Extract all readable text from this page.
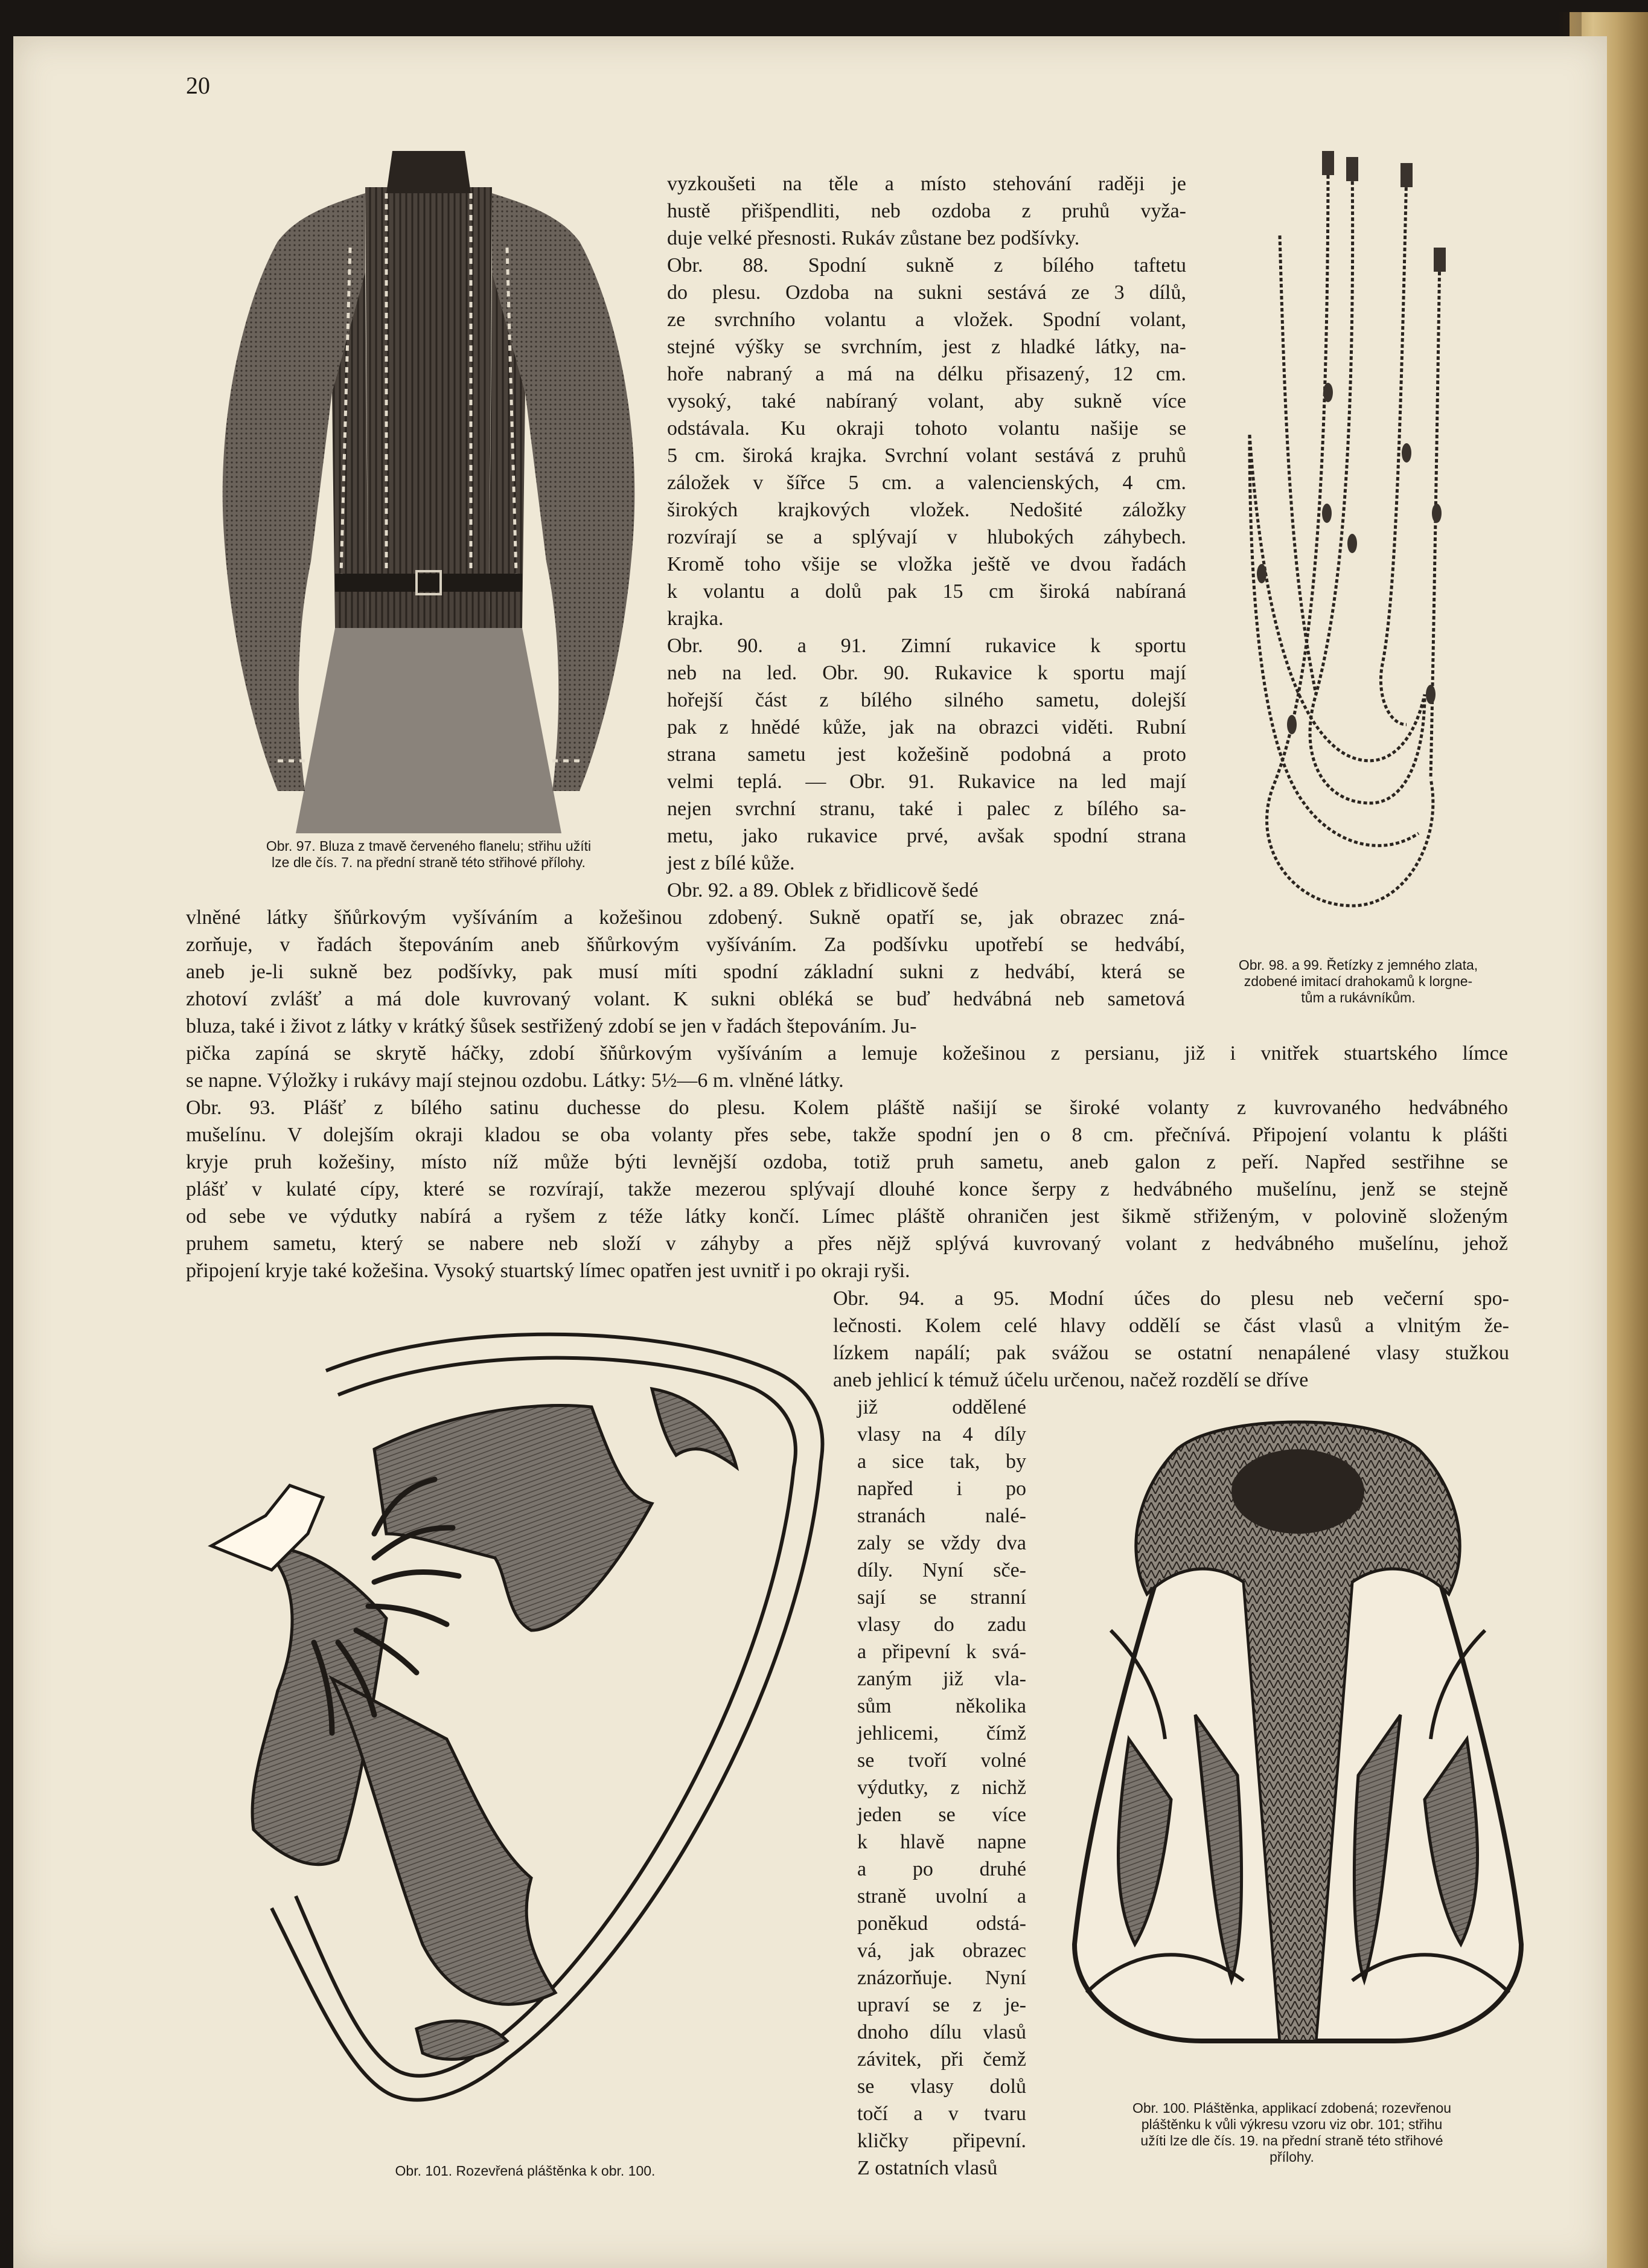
20
Obr. 97. Bluza z tmavě červeného flanelu; střihu užíti
lze dle čís. 7. na přední straně této střihové přílohy.
Obr. 98. a 99. Řetízky z jemného zlata,
zdobené imitací drahokamů k lorgne-
tům a rukávníkům.
vyzkoušeti na těle a místo stehování raději je
hustě přišpendliti, neb ozdoba z pruhů vyža-
duje velké přesnosti. Rukáv zůstane bez podšívky.
Obr. 88. Spodní sukně z bílého taftetu
do plesu. Ozdoba na sukni sestává ze 3 dílů,
ze svrchního volantu a vložek. Spodní volant,
stejné výšky se svrchním, jest z hladké látky, na-
hoře nabraný a má na délku přisazený, 12 cm.
vysoký, také nabíraný volant, aby sukně více
odstávala. Ku okraji tohoto volantu našije se
5 cm. široká krajka. Svrchní volant sestává z pruhů
záložek v šířce 5 cm. a valencienských, 4 cm.
širokých krajkových vložek. Nedošité záložky
rozvírají se a splývají v hlubokých záhybech.
Kromě toho všije se vložka ještě ve dvou řadách
k volantu a dolů pak 15 cm široká nabíraná
krajka.
Obr. 90. a 91. Zimní rukavice k sportu
neb na led. Obr. 90. Rukavice k sportu mají
hořejší část z bílého silného sametu, dolejší
pak z hnědé kůže, jak na obrazci viděti. Rubní
strana sametu jest kožešině podobná a proto
velmi teplá. — Obr. 91. Rukavice na led mají
nejen svrchní stranu, také i palec z bílého sa-
metu, jako rukavice prvé, avšak spodní strana
jest z bílé kůže.
Obr. 92. a 89. Oblek z břidlicově šedé
vlněné látky šňůrkovým vyšíváním a kožešinou zdobený. Sukně opatří se, jak obrazec zná-
zorňuje, v řadách štepováním aneb šňůrkovým vyšíváním. Za podšívku upotřebí se hedvábí,
aneb je-li sukně bez podšívky, pak musí míti spodní základní sukni z hedvábí, která se
zhotoví zvlášť a má dole kuvrovaný volant. K sukni obléká se buď hedvábná neb sametová
bluza, také i život z látky v krátký šůsek sestřižený zdobí se jen v řadách štepováním. Ju-
pička zapíná se skrytě háčky, zdobí šňůrkovým vyšíváním a lemuje kožešinou z persianu, již i vnitřek stuartského límce
se napne. Výložky i rukávy mají stejnou ozdobu. Látky: 5½—6 m. vlněné látky.
Obr. 93. Plášť z bílého satinu duchesse do plesu. Kolem pláště našijí se široké volanty z kuvrovaného hedvábného
mušelínu. V dolejším okraji kladou se oba volanty přes sebe, takže spodní jen o 8 cm. přečnívá. Připojení volantu k plášti
kryje pruh kožešiny, místo níž může býti levnější ozdoba, totiž pruh sametu, aneb galon z peří. Napřed sestřihne se
plášť v kulaté cípy, které se rozvírají, takže mezerou splývají dlouhé konce šerpy z hedvábného mušelínu, jenž se stejně
od sebe ve výdutky nabírá a ryšem z téže látky končí. Límec pláště ohraničen jest šikmě střiženým, v polovině složeným
pruhem sametu, který se nabere neb složí v záhyby a přes nějž splývá kuvrovaný volant z hedvábného mušelínu, jehož
připojení kryje také kožešina. Vysoký stuartský límec opatřen jest uvnitř i po okraji ryši.
Obr. 94. a 95. Modní účes do plesu neb večerní spo-
lečnosti. Kolem celé hlavy oddělí se část vlasů a vlnitým že-
lízkem napálí; pak svážou se ostatní nenapálené vlasy stužkou
aneb jehlicí k témuž účelu určenou, načež rozdělí se dříve
již oddělené
vlasy na 4 díly
a sice tak, by
napřed i po
stranách nalé-
zaly se vždy dva
díly. Nyní sče-
sají se stranní
vlasy do zadu
a připevní k svá-
zaným již vla-
sům několika
jehlicemi, čímž
se tvoří volné
výdutky, z nichž
jeden se více
k hlavě napne
a po druhé
straně uvolní a
poněkud odstá-
vá, jak obrazec
znázorňuje. Nyní
upraví se z je-
dnoho dílu vlasů
závitek, při čemž
se vlasy dolů
točí a v tvaru
kličky připevní.
Z ostatních vlasů
Obr. 101. Rozevřená pláštěnka k obr. 100.
Obr. 100. Pláštěnka, applikací zdobená; rozevřenou
pláštěnku k vůli výkresu vzoru viz obr. 101; střihu
užíti lze dle čís. 19. na přední straně této střihové
přílohy.
